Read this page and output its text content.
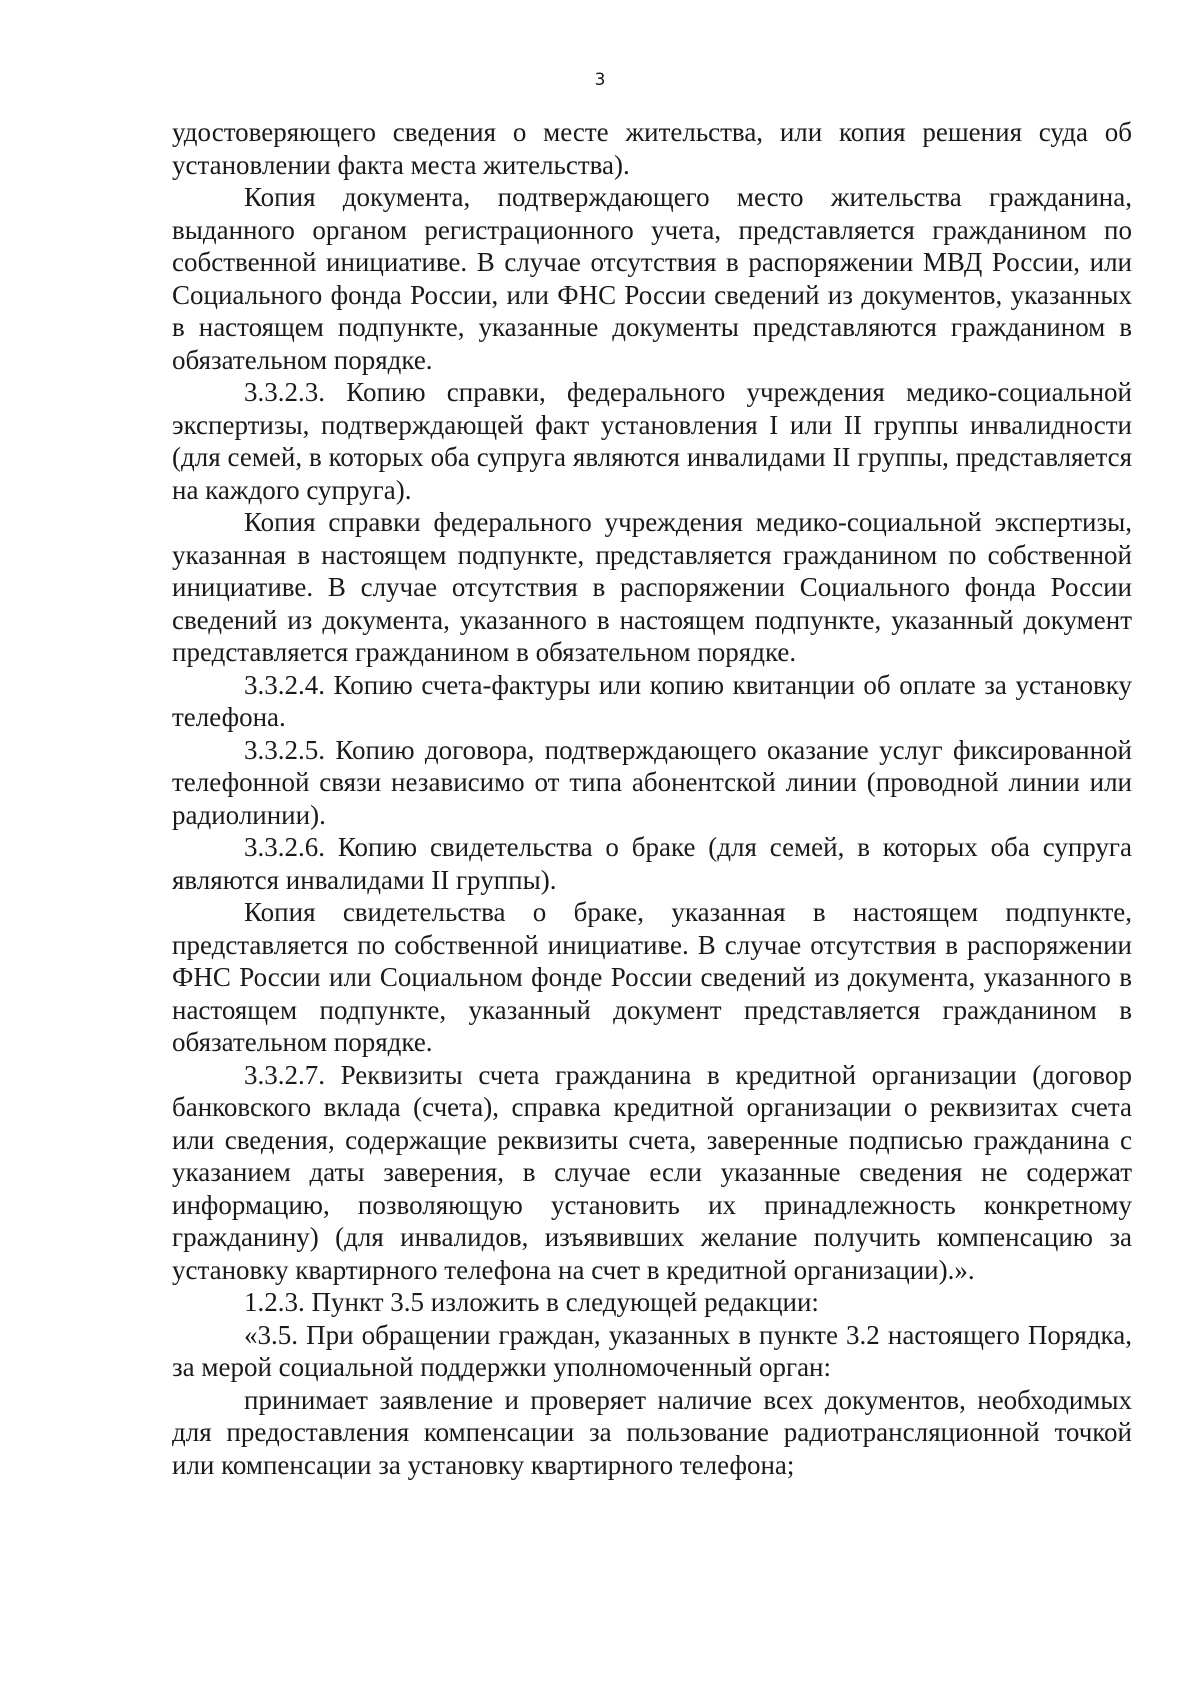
3

удостоверяющего сведения о месте жительства, или копия решения суда об установлении факта места жительства).

Копия документа, подтверждающего место жительства гражданина, выданного органом регистрационного учета, представляется гражданином по собственной инициативе. В случае отсутствия в распоряжении МВД России, или Социального фонда России, или ФНС России сведений из документов, указанных в настоящем подпункте, указанные документы представляются гражданином в обязательном порядке.

3.3.2.3. Копию справки, федерального учреждения медико-социальной экспертизы, подтверждающей факт установления I или II группы инвалидности (для семей, в которых оба супруга являются инвалидами II группы, представляется на каждого супруга).

Копия справки федерального учреждения медико-социальной экспертизы, указанная в настоящем подпункте, представляется гражданином по собственной инициативе. В случае отсутствия в распоряжении Социального фонда России сведений из документа, указанного в настоящем подпункте, указанный документ представляется гражданином в обязательном порядке.

3.3.2.4. Копию счета-фактуры или копию квитанции об оплате за установку телефона.

3.3.2.5. Копию договора, подтверждающего оказание услуг фиксированной телефонной связи независимо от типа абонентской линии (проводной линии или радиолинии).

3.3.2.6. Копию свидетельства о браке (для семей, в которых оба супруга являются инвалидами II группы).

Копия свидетельства о браке, указанная в настоящем подпункте, представляется по собственной инициативе. В случае отсутствия в распоряжении ФНС России или Социальном фонде России сведений из документа, указанного в настоящем подпункте, указанный документ представляется гражданином в обязательном порядке.

3.3.2.7. Реквизиты счета гражданина в кредитной организации (договор банковского вклада (счета), справка кредитной организации о реквизитах счета или сведения, содержащие реквизиты счета, заверенные подписью гражданина с указанием даты заверения, в случае если указанные сведения не содержат информацию, позволяющую установить их принадлежность конкретному гражданину) (для инвалидов, изъявивших желание получить компенсацию за установку квартирного телефона на счет в кредитной организации).».

1.2.3. Пункт 3.5 изложить в следующей редакции:

«3.5. При обращении граждан, указанных в пункте 3.2 настоящего Порядка, за мерой социальной поддержки уполномоченный орган:

принимает заявление и проверяет наличие всех документов, необходимых для предоставления компенсации за пользование радиотрансляционной точкой или компенсации за установку квартирного телефона;
